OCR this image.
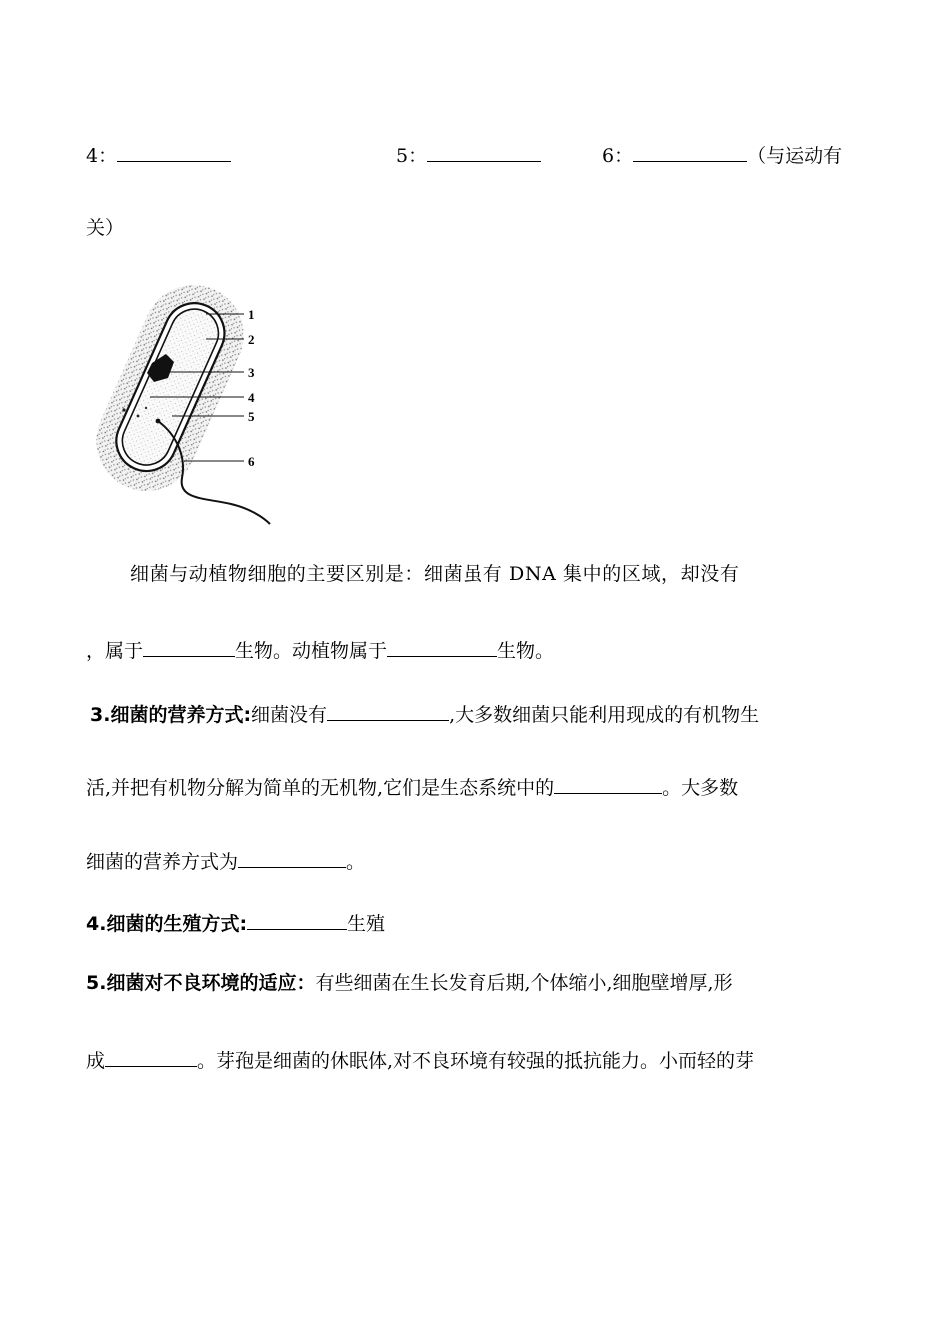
4：	5：	6：	（与运动有
关）
1
2
3
4
5
6
细菌与动植物细胞的主要区别是：细菌虽有 DNA 集中的区域，却没有
，属于	生物。动植物属于	生物。
3.细菌的营养方式:细菌没有	,大多数细菌只能利用现成的有机物生
活,并把有机物分解为简单的无机物,它们是生态系统中的	。大多数
细菌的营养方式为	。
4.细菌的生殖方式:	生殖
5.细菌对不良环境的适应：有些细菌在生长发育后期,个体缩小,细胞壁增厚,形
成	。芽孢是细菌的休眠体,对不良环境有较强的抵抗能力。小而轻的芽
